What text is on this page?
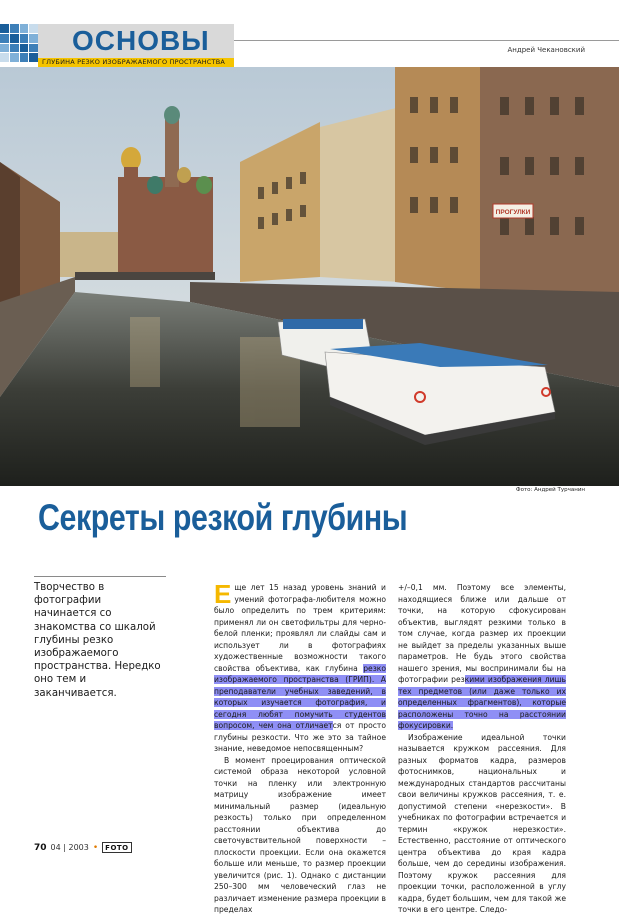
ОСНОВЫ
ГЛУБИНА РЕЗКО ИЗОБРАЖАЕМОГО ПРОСТРАНСТВА
Андрей Чекановский
ПРОГУЛКИ
Фото: Андрей Турчанин
Секреты резкой глубины
Творчество в фотографии начинается со знакомства со шкалой глубины резко изображаемого пространства. Нередко оно тем и заканчивается.

Еще лет 15 назад уровень знаний и умений фотографа-любителя можно было определить по трем критериям: применял ли он светофильтры для черно-белой пленки; проявлял ли слайды сам и использует ли в фотографиях художественные возможности такого свойства объектива, как глубина резко изображаемого пространства (ГРИП). А преподаватели учебных заведений, в которых изучается фотография, и сегодня любят помучить студентов вопросом, чем она отличается от просто глубины резкости. Что же это за тайное знание, неведомое непосвященным?

В момент проецирования оптической системой образа некоторой условной точки на пленку или электронную матрицу изображение имеет минимальный размер (идеальную резкость) только при определенном расстоянии объектива до светочувствительной поверхности – плоскости проекции. Если она окажется больше или меньше, то размер проекции увеличится (рис. 1). Однако с дистанции 250–300 мм человеческий глаз не различает изменение размера проекции в пределах

+/–0,1 мм. Поэтому все элементы, находящиеся ближе или дальше от точки, на которую сфокусирован объектив, выглядят резкими только в том случае, когда размер их проекции не выйдет за пределы указанных выше параметров. Не будь этого свойства нашего зрения, мы воспринимали бы на фотографии резкими изображения лишь тех предметов (или даже только их определенных фрагментов), которые расположены точно на расстоянии фокусировки.

Изображение идеальной точки называется кружком рассеяния. Для разных форматов кадра, размеров фотоснимков, национальных и международных стандартов рассчитаны свои величины кружков рассеяния, т. е. допустимой степени «нерезкости». В учебниках по фотографии встречается и термин «кружок нерезкости». Естественно, расстояние от оптического центра объектива до края кадра больше, чем до середины изображения. Поэтому кружок рассеяния для проекции точки, расположенной в углу кадра, будет большим, чем для такой же точки в его центре. Следо-

70 04 | 2003 • FOTO
